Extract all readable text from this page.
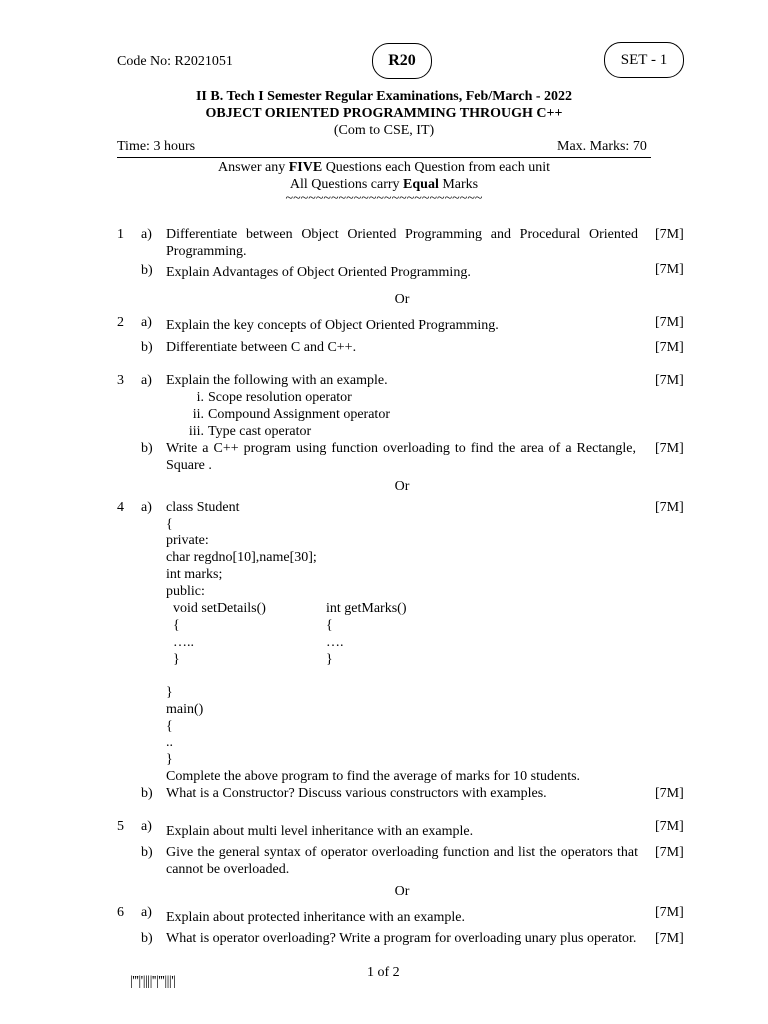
Code No: R2021051	R20	SET - 1
II B. Tech I Semester Regular Examinations, Feb/March - 2022
OBJECT ORIENTED PROGRAMMING THROUGH C++
(Com to CSE, IT)
Time: 3 hours	Max. Marks: 70
Answer any FIVE Questions each Question from each unit
All Questions carry Equal Marks
~~~~~~~~~~~~~~~~~~~~~~~~~~
1 a) Differentiate between Object Oriented Programming and Procedural Oriented Programming.
[7M]
b) Explain Advantages of Object Oriented Programming.	[7M]
Or
2 a) Explain the key concepts of Object Oriented Programming.	[7M]
b) Differentiate between C and C++.	[7M]
3 a) Explain the following with an example.	[7M]
i. Scope resolution operator
ii. Compound Assignment operator
iii. Type cast operator
b) Write a C++ program using function overloading to find the area of a Rectangle, Square .
[7M]
Or
4 a)	[7M]
class Student
{
private:
char regdno[10],name[30];
int marks;
public:
void setDetails()	int getMarks()
{	{
…..	….
}	}
}
main()
{
..
}
Complete the above program to find the average of marks for 10 students.
b) What is a Constructor? Discuss various constructors with examples.	[7M]
5 a) Explain about multi level inheritance with an example.	[7M]
b) Give the general syntax of operator overloading function and list the operators that cannot be overloaded.
[7M]
Or
6 a) Explain about protected inheritance with an example.	[7M]
b) What is operator overloading? Write a program for overloading unary plus operator. [7M]
|'''|'||||''|'''|||'|
1 of 2
